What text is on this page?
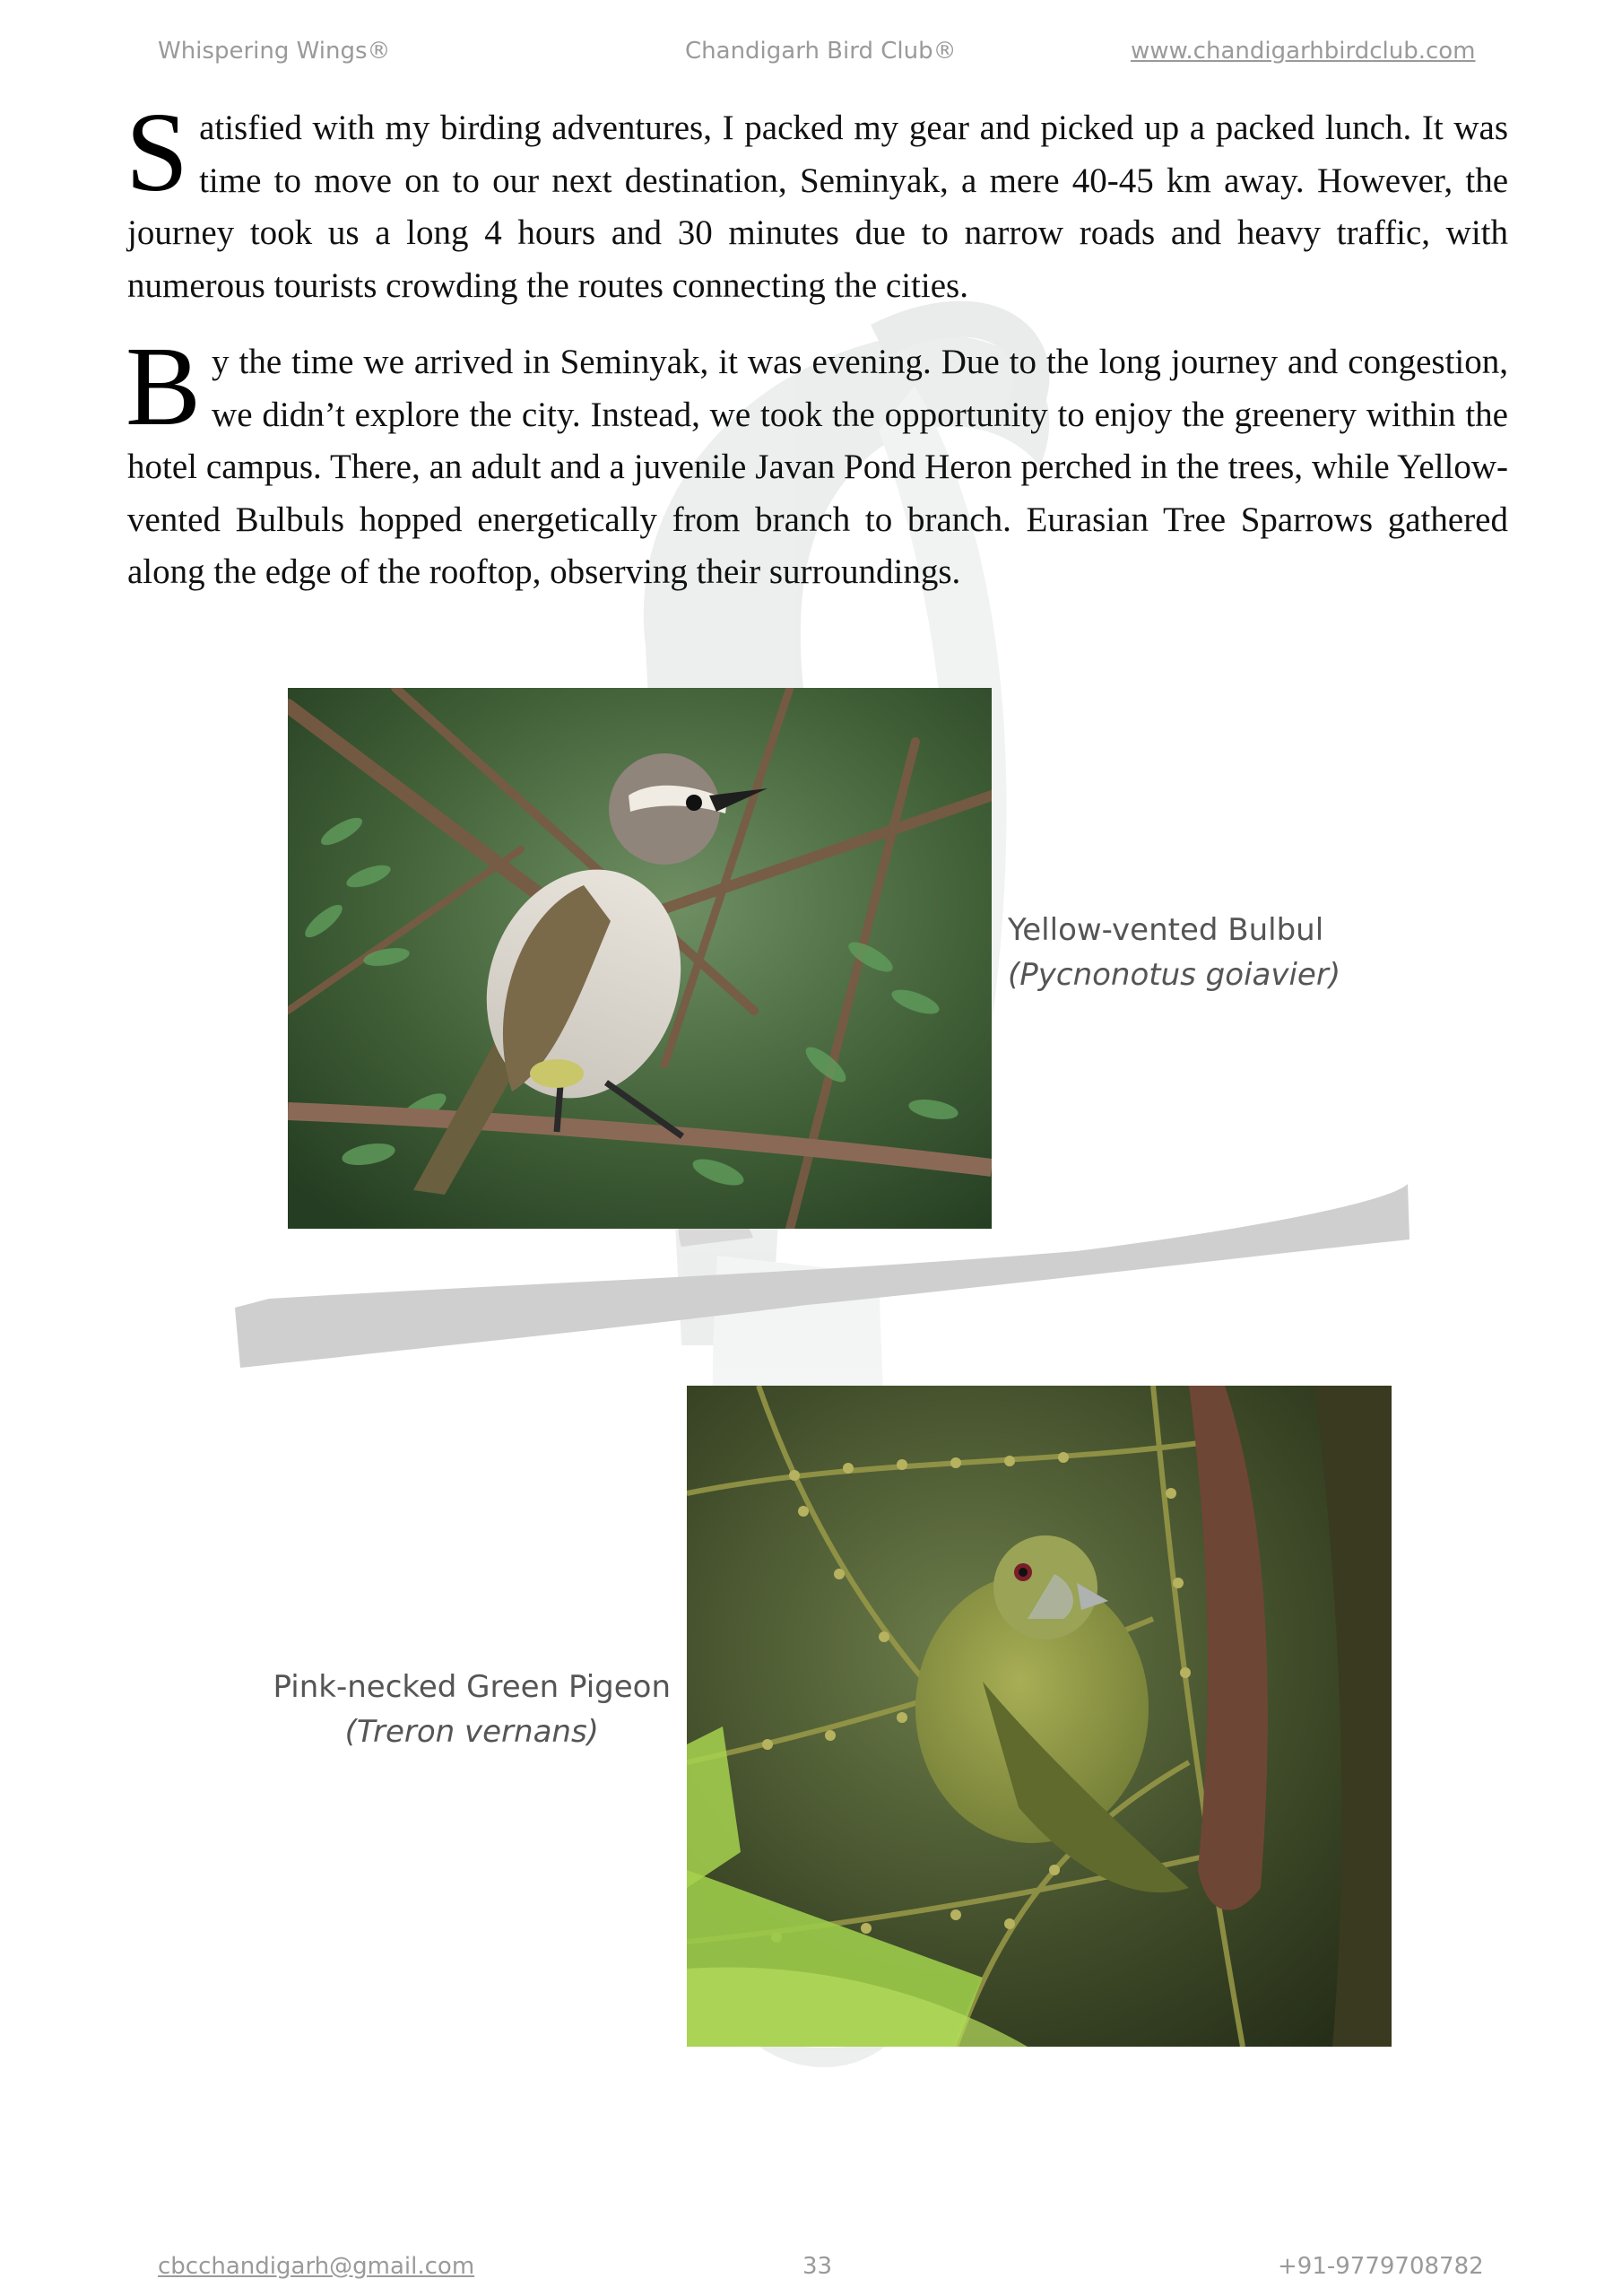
Whispering Wings®	Chandigarh Bird Club®	www.chandigarhbirdclub.com

Satisfied with my birding adventures, I packed my gear and picked up a packed lunch. It was time to move on to our next destination, Seminyak, a mere 40-45 km away. However, the journey took us a long 4 hours and 30 minutes due to narrow roads and heavy traffic, with numerous tourists crowding the routes connecting the cities.

By the time we arrived in Seminyak, it was evening. Due to the long journey and congestion, we didn’t explore the city. Instead, we took the opportunity to enjoy the greenery within the hotel campus. There, an adult and a juvenile Javan Pond Heron perched in the trees, while Yellow-vented Bulbuls hopped energetically from branch to branch. Eurasian Tree Sparrows gathered along the edge of the rooftop, observing their surroundings.

Yellow-vented Bulbul
(Pycnonotus goiavier)
Pink-necked Green Pigeon
(Treron vernans)
cbcchandigarh@gmail.com	33	+91-9779708782
